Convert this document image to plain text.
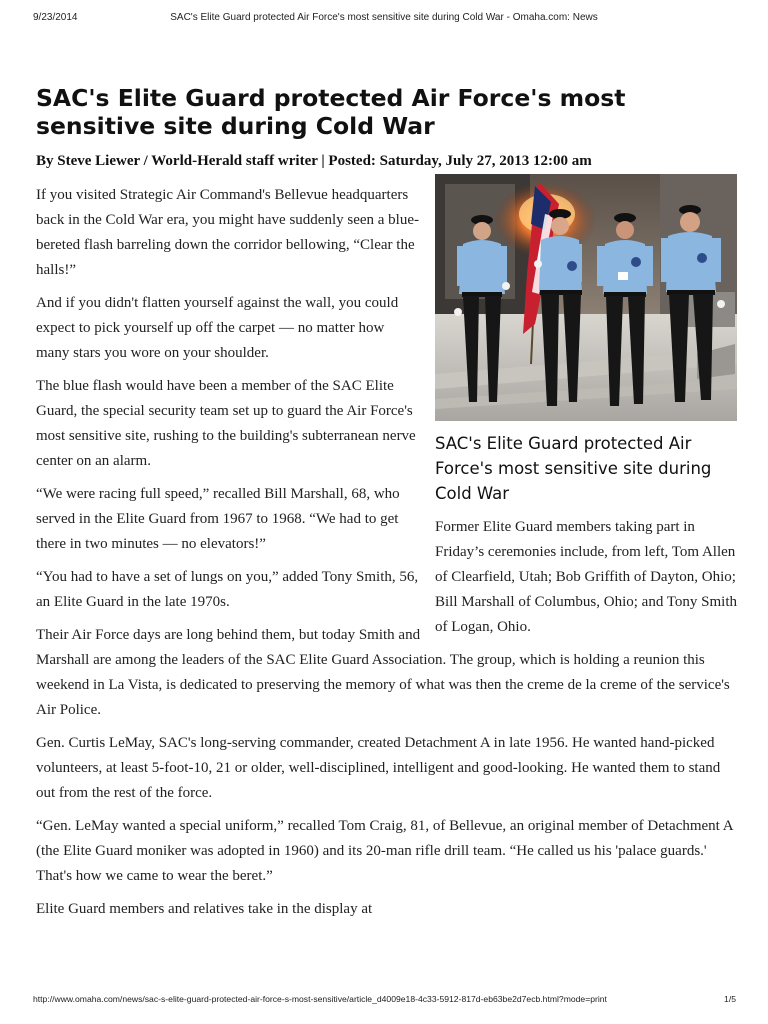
9/23/2014	SAC's Elite Guard protected Air Force's most sensitive site during Cold War - Omaha.com: News
SAC's Elite Guard protected Air Force's most sensitive site during Cold War
By Steve Liewer / World-Herald staff writer | Posted: Saturday, July 27, 2013 12:00 am
SAC's Elite Guard protected Air Force's most sensitive site during Cold War
Former Elite Guard members taking part in Friday’s ceremonies include, from left, Tom Allen of Clearfield, Utah; Bob Griffith of Dayton, Ohio; Bill Marshall of Columbus, Ohio; and Tony Smith of Logan, Ohio.

If you visited Strategic Air Command's Bellevue headquarters back in the Cold War era, you might have suddenly seen a blue-bereted flash barreling down the corridor bellowing, “Clear the halls!”

And if you didn't flatten yourself against the wall, you could expect to pick yourself up off the carpet — no matter how many stars you wore on your shoulder.

The blue flash would have been a member of the SAC Elite Guard, the special security team set up to guard the Air Force's most sensitive site, rushing to the building's subterranean nerve center on an alarm.

“We were racing full speed,” recalled Bill Marshall, 68, who served in the Elite Guard from 1967 to 1968. “We had to get there in two minutes — no elevators!”

“You had to have a set of lungs on you,” added Tony Smith, 56, an Elite Guard in the late 1970s.

Their Air Force days are long behind them, but today Smith and Marshall are among the leaders of the SAC Elite Guard Association. The group, which is holding a reunion this weekend in La Vista, is dedicated to preserving the memory of what was then the creme de la creme of the service's Air Police.

Gen. Curtis LeMay, SAC's long-serving commander, created Detachment A in late 1956. He wanted hand-picked volunteers, at least 5-foot-10, 21 or older, well-disciplined, intelligent and good-looking. He wanted them to stand out from the rest of the force.

“Gen. LeMay wanted a special uniform,” recalled Tom Craig, 81, of Bellevue, an original member of Detachment A (the Elite Guard moniker was adopted in 1960) and its 20-man rifle drill team. “He called us his 'palace guards.' That's how we came to wear the beret.”

Elite Guard members and relatives take in the display at

http://www.omaha.com/news/sac-s-elite-guard-protected-air-force-s-most-sensitive/article_d4009e18-4c33-5912-817d-eb63be2d7ecb.html?mode=print	1/5
